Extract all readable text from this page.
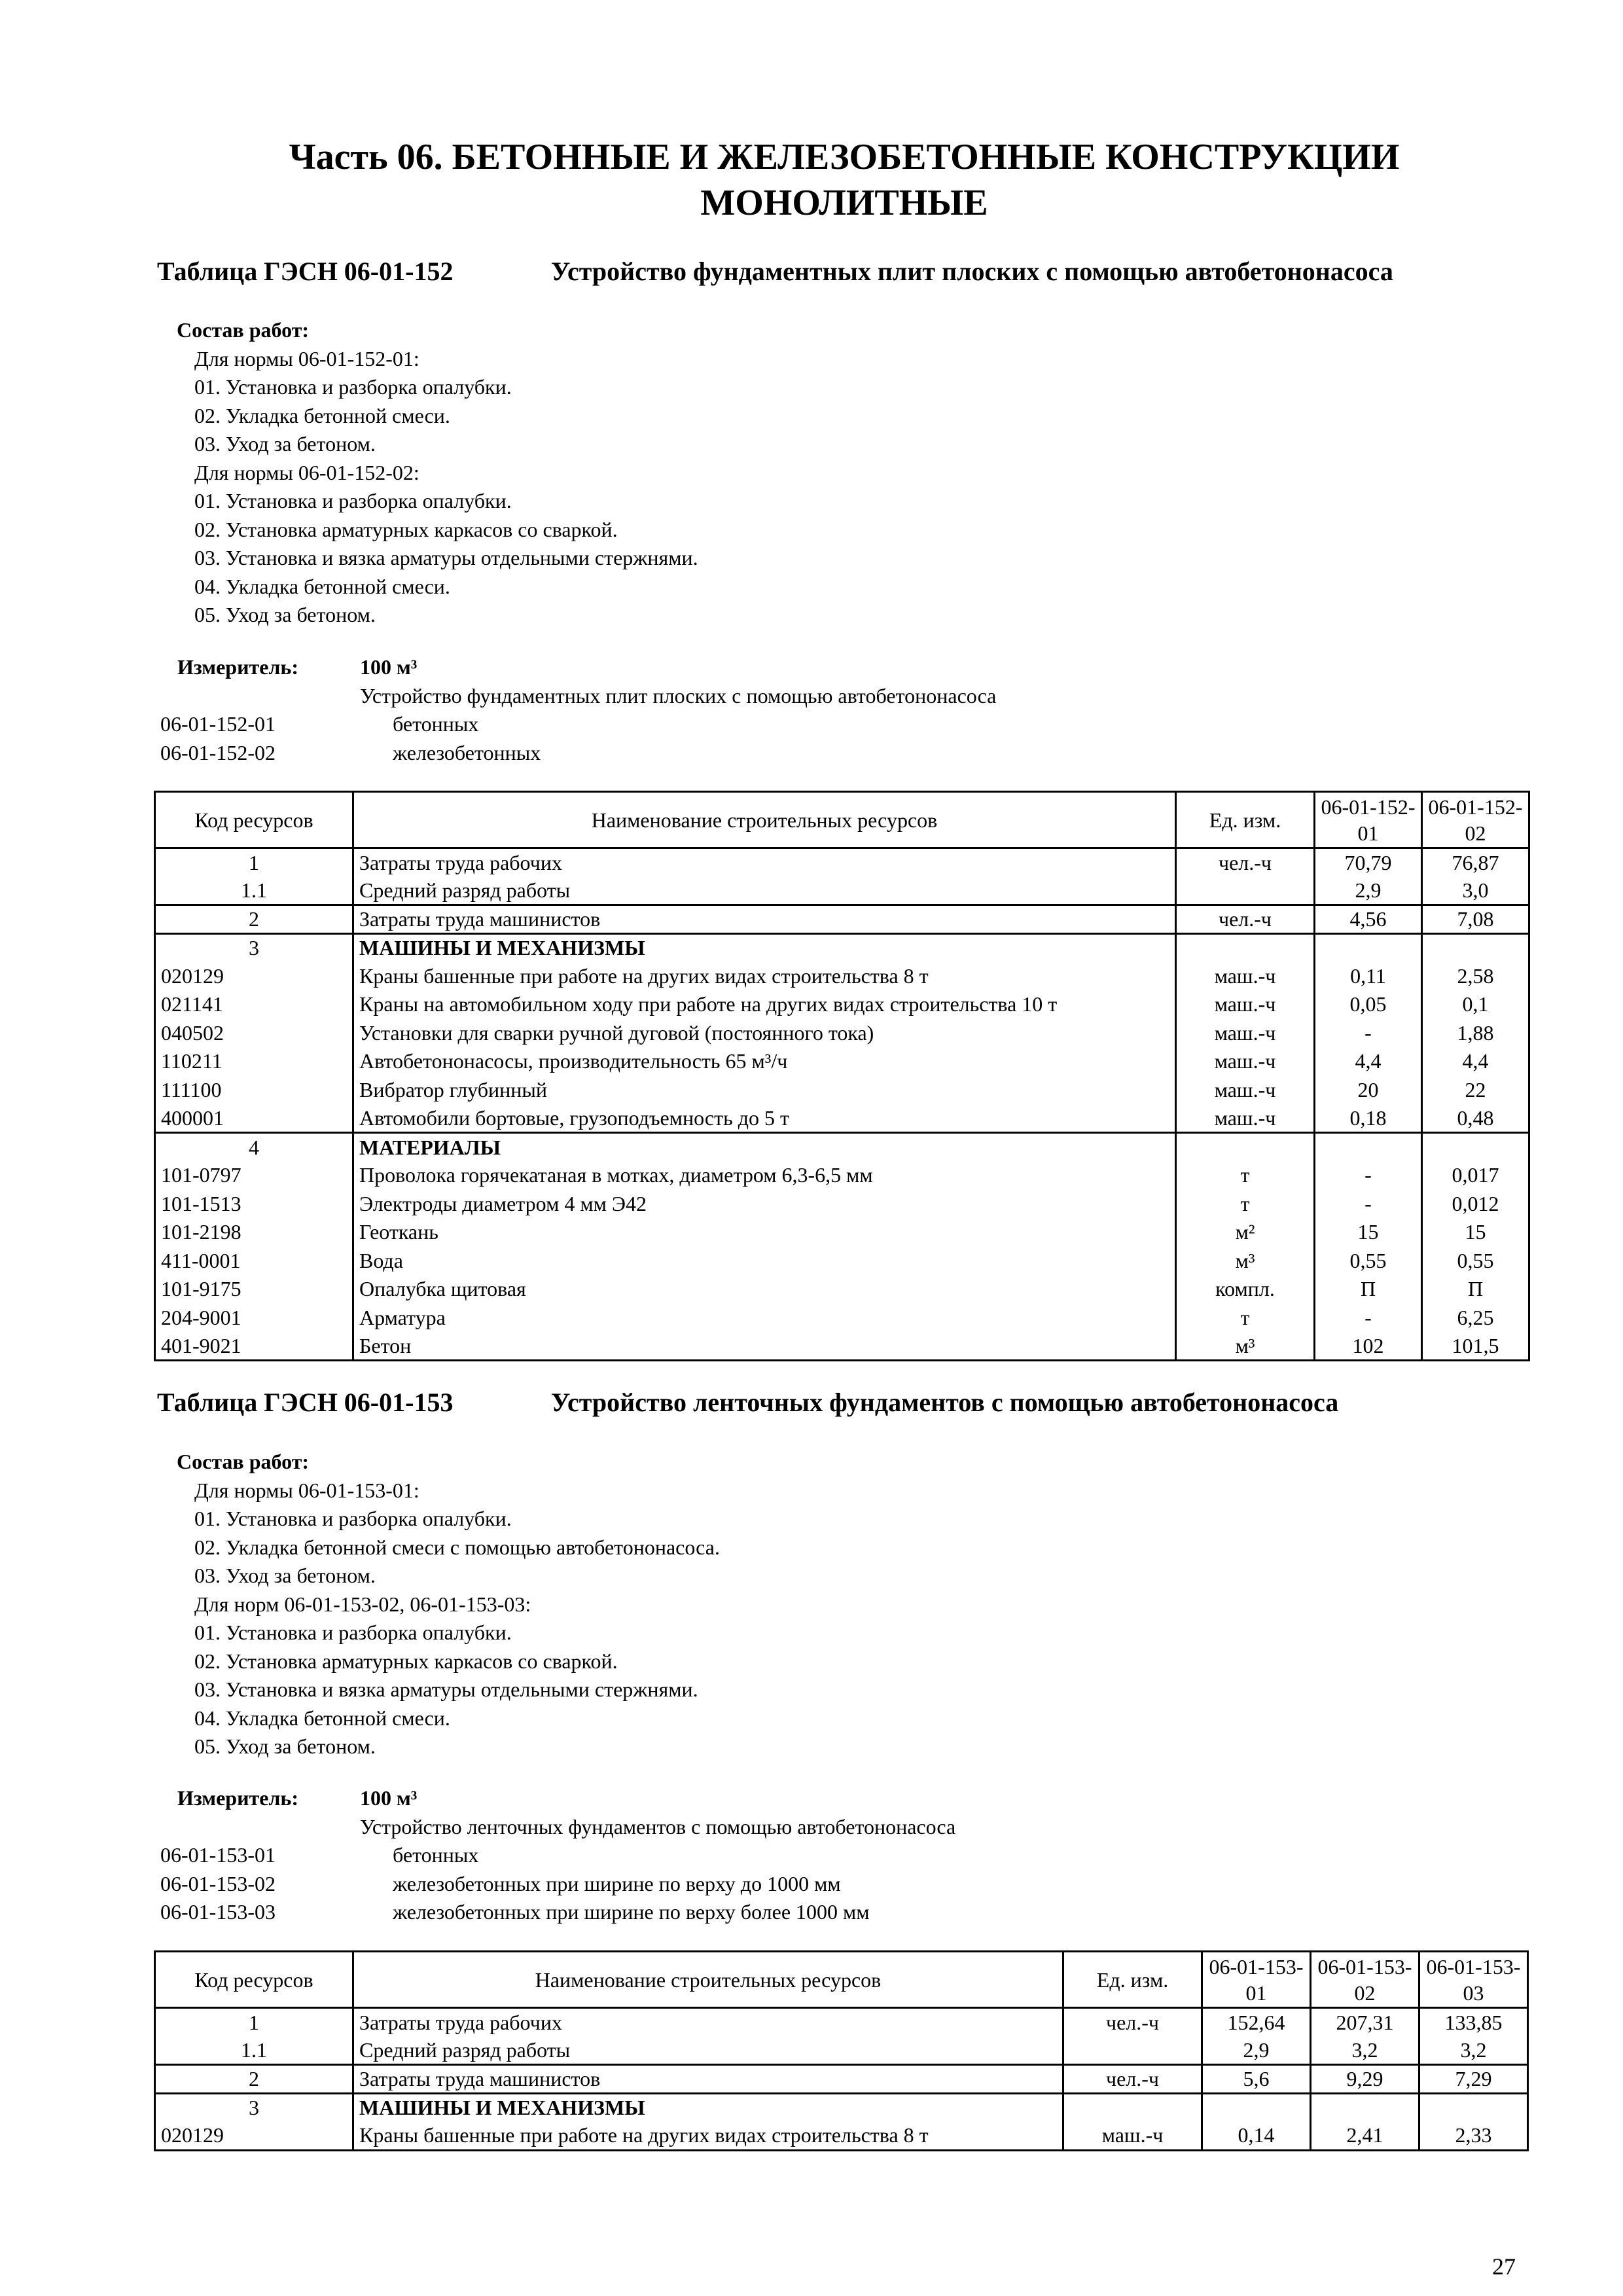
Часть 06. БЕТОННЫЕ И ЖЕЛЕЗОБЕТОННЫЕ КОНСТРУКЦИИ МОНОЛИТНЫЕ
Таблица ГЭСН 06-01-152	Устройство фундаментных плит плоских с помощью автобетононасоса
Состав работ:
Для нормы 06-01-152-01:
01. Установка и разборка опалубки.
02. Укладка бетонной смеси.
03. Уход за бетоном.
Для нормы 06-01-152-02:
01. Установка и разборка опалубки.
02. Установка арматурных каркасов со сваркой.
03. Установка и вязка арматуры отдельными стержнями.
04. Укладка бетонной смеси.
05. Уход за бетоном.
Измеритель:	100 м³
Устройство фундаментных плит плоских с помощью автобетононасоса
06-01-152-01	бетонных
06-01-152-02	железобетонных
Код ресурсов	Наименование строительных ресурсов	Ед. изм.	06-01-152-01	06-01-152-02
1	Затраты труда рабочих	чел.-ч	70,79	76,87
1.1	Средний разряд работы		2,9	3,0
2	Затраты труда машинистов	чел.-ч	4,56	7,08
3	МАШИНЫ И МЕХАНИЗМЫ			
020129	Краны башенные при работе на других видах строительства 8 т	маш.-ч	0,11	2,58
021141	Краны на автомобильном ходу при работе на других видах строительства 10 т	маш.-ч	0,05	0,1
040502	Установки для сварки ручной дуговой (постоянного тока)	маш.-ч	-	1,88
110211	Автобетононасосы, производительность 65 м³/ч	маш.-ч	4,4	4,4
111100	Вибратор глубинный	маш.-ч	20	22
400001	Автомобили бортовые, грузоподъемность до 5 т	маш.-ч	0,18	0,48
4	МАТЕРИАЛЫ			
101-0797	Проволока горячекатаная в мотках, диаметром 6,3-6,5 мм	т	-	0,017
101-1513	Электроды диаметром 4 мм Э42	т	-	0,012
101-2198	Геоткань	м²	15	15
411-0001	Вода	м³	0,55	0,55
101-9175	Опалубка щитовая	компл.	П	П
204-9001	Арматура	т	-	6,25
401-9021	Бетон	м³	102	101,5
Таблица ГЭСН 06-01-153	Устройство ленточных фундаментов с помощью автобетононасоса
Состав работ:
Для нормы 06-01-153-01:
01. Установка и разборка опалубки.
02. Укладка бетонной смеси с помощью автобетононасоса.
03. Уход за бетоном.
Для норм 06-01-153-02, 06-01-153-03:
01. Установка и разборка опалубки.
02. Установка арматурных каркасов со сваркой.
03. Установка и вязка арматуры отдельными стержнями.
04. Укладка бетонной смеси.
05. Уход за бетоном.
Измеритель:	100 м³
Устройство ленточных фундаментов с помощью автобетононасоса
06-01-153-01	бетонных
06-01-153-02	железобетонных при ширине по верху до 1000 мм
06-01-153-03	железобетонных при ширине по верху более 1000 мм
Код ресурсов	Наименование строительных ресурсов	Ед. изм.	06-01-153-01	06-01-153-02	06-01-153-03
1	Затраты труда рабочих	чел.-ч	152,64	207,31	133,85
1.1	Средний разряд работы		2,9	3,2	3,2
2	Затраты труда машинистов	чел.-ч	5,6	9,29	7,29
3	МАШИНЫ И МЕХАНИЗМЫ				
020129	Краны башенные при работе на других видах строительства 8 т	маш.-ч	0,14	2,41	2,33
27
